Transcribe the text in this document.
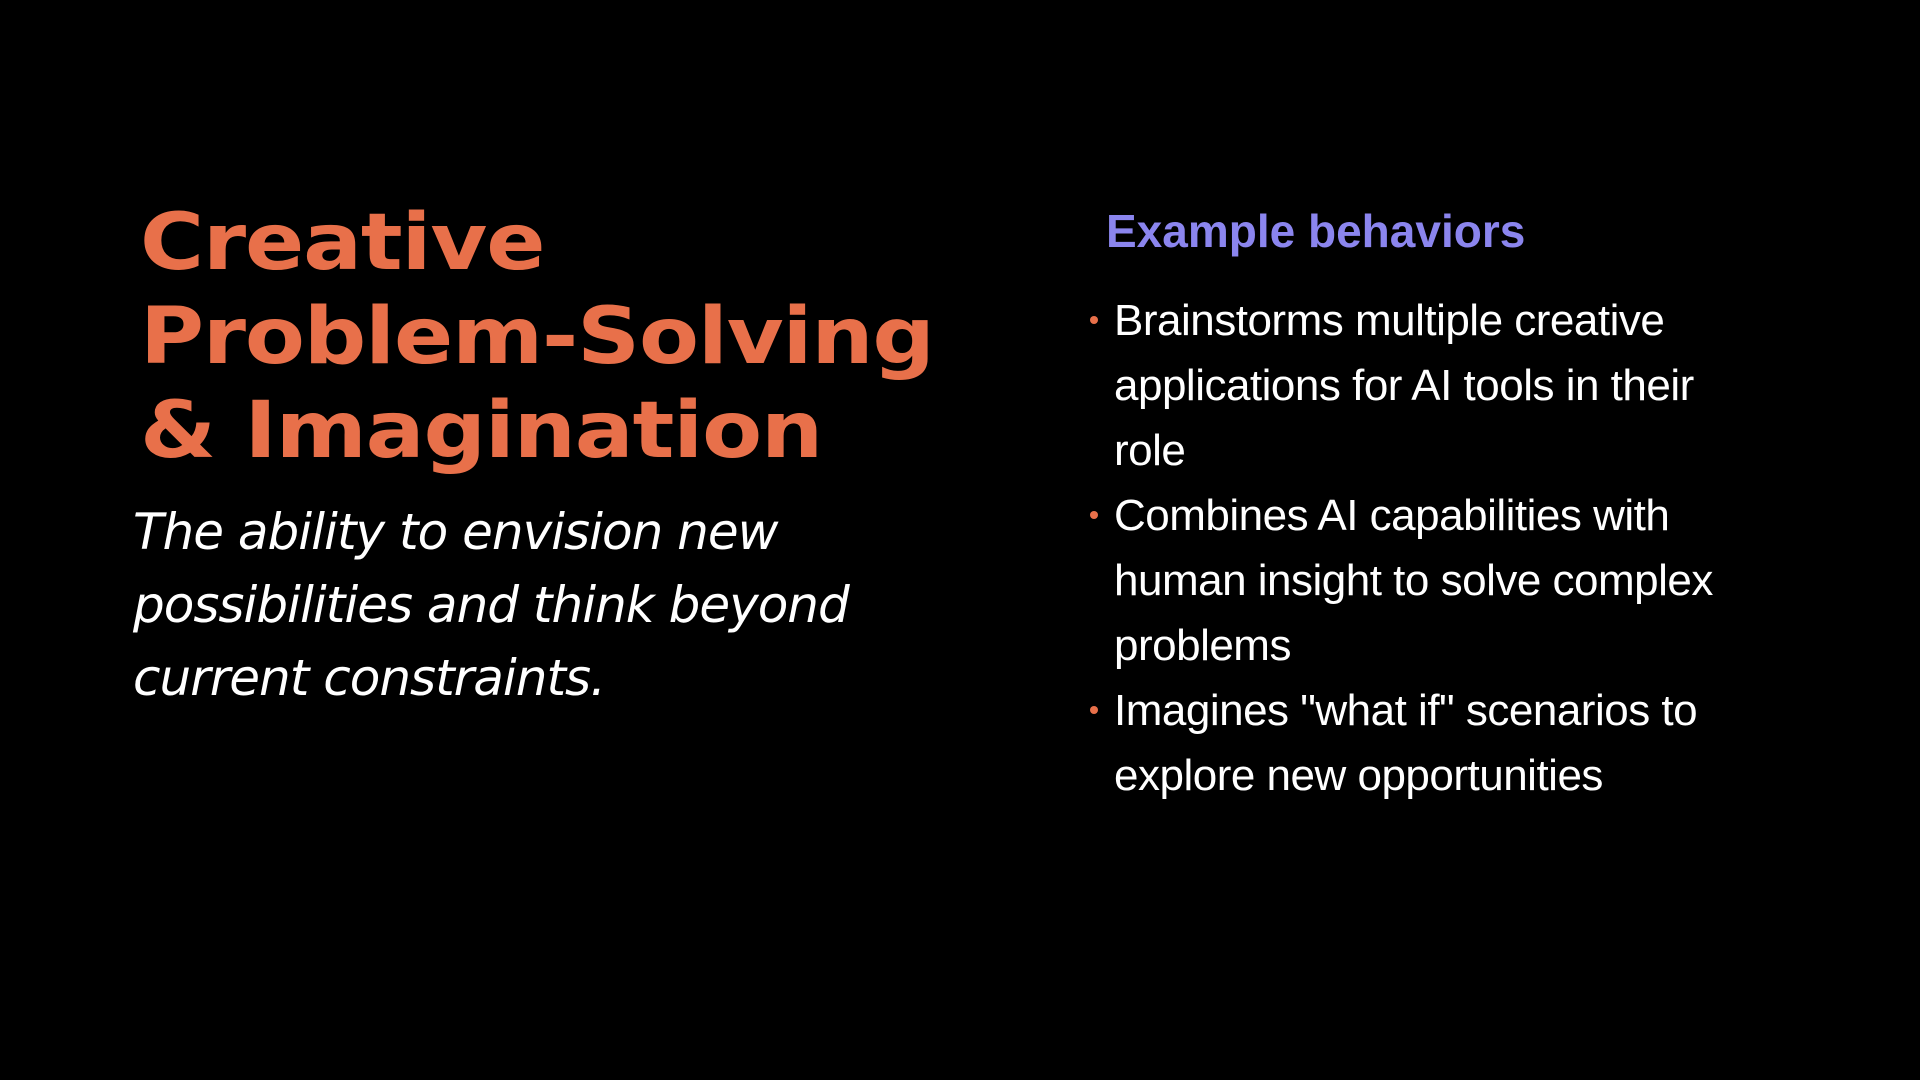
Creative
Problem-Solving
& Imagination

The ability to envision new
possibilities and think beyond
current constraints.

Example behaviors
Brainstorms multiple creative
applications for AI tools in their
role
Combines AI capabilities with
human insight to solve complex
problems
Imagines "what if" scenarios to
explore new opportunities
